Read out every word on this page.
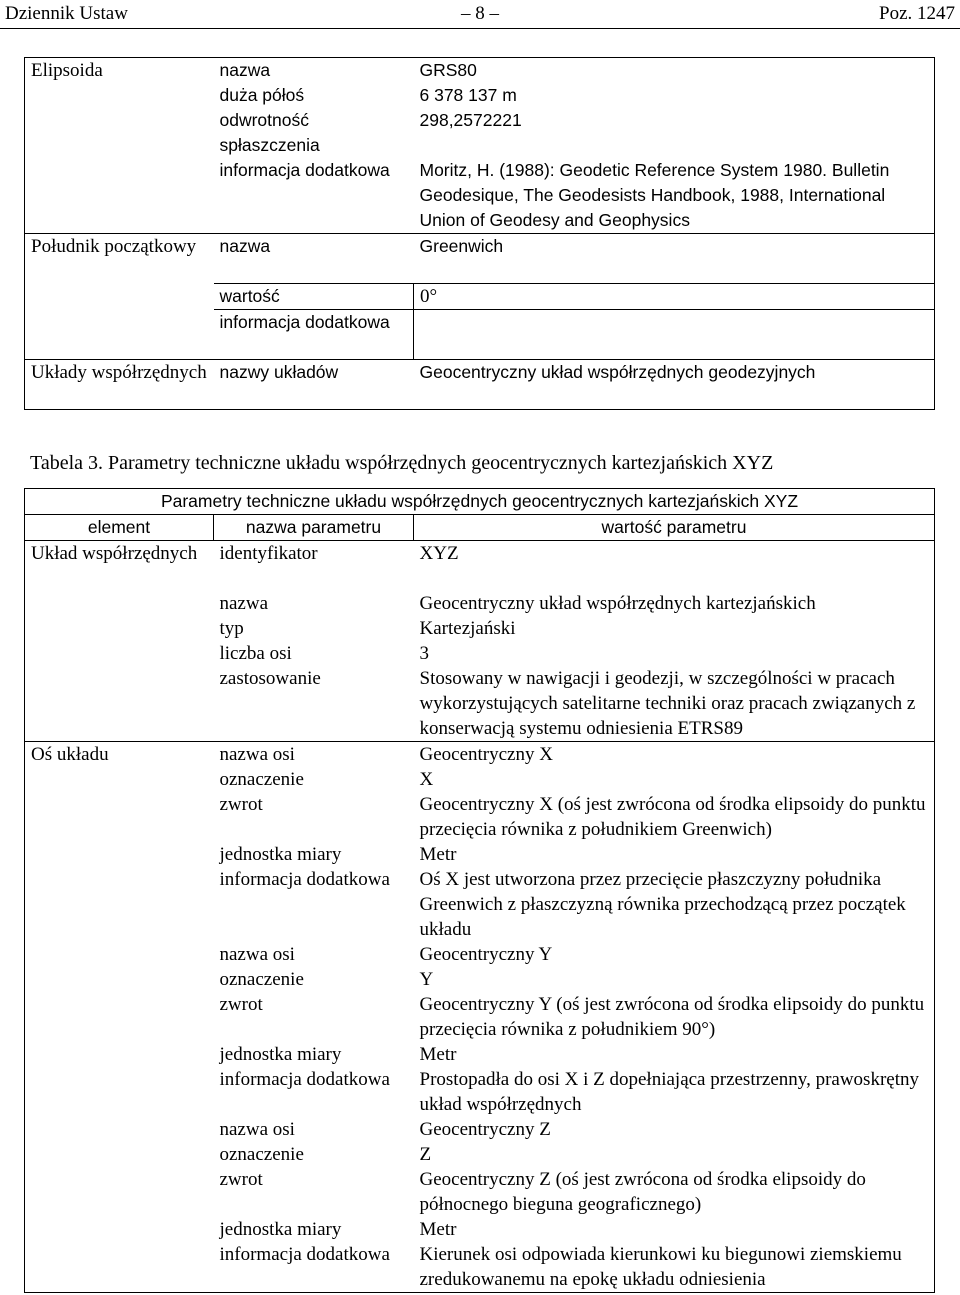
Dziennik Ustaw	– 8 –	Poz. 1247
Elipsoida	nazwa	GRS80
	duża półoś	6 378 137 m
	odwrotność spłaszczenia	298,2572221
	informacja dodatkowa	Moritz, H. (1988): Geodetic Reference System 1980. Bulletin Geodesique, The Geodesists Handbook, 1988, International Union of Geodesy and Geophysics
Południk początkowy	nazwa	Greenwich
	wartość	0°
	informacja dodatkowa	
Układy współrzędnych	nazwy układów	Geocentryczny układ współrzędnych geodezyjnych
Tabela 3. Parametry techniczne układu współrzędnych geocentrycznych kartezjańskich XYZ
Parametry techniczne układu współrzędnych geocentrycznych kartezjańskich XYZ		
element	nazwa parametru	wartość parametru
Układ współrzędnych	identyfikator	XYZ
	nazwa	Geocentryczny układ współrzędnych kartezjańskich
	typ	Kartezjański
	liczba osi	3
	zastosowanie	Stosowany w nawigacji i geodezji, w szczególności w pracach wykorzystujących satelitarne techniki oraz pracach związanych z konserwacją systemu odniesienia ETRS89
Oś układu	nazwa osi	Geocentryczny X
	oznaczenie	X
	zwrot	Geocentryczny X (oś jest zwrócona od środka elipsoidy do punktu przecięcia równika z południkiem Greenwich)
	jednostka miary	Metr
	informacja dodatkowa	Oś X jest utworzona przez przecięcie płaszczyzny południka Greenwich z płaszczyzną równika przechodzącą przez początek układu
	nazwa osi	Geocentryczny Y
	oznaczenie	Y
	zwrot	Geocentryczny Y (oś jest zwrócona od środka elipsoidy do punktu przecięcia równika z południkiem 90°)
	jednostka miary	Metr
	informacja dodatkowa	Prostopadła do osi X i Z dopełniająca przestrzenny, prawoskrętny układ współrzędnych
	nazwa osi	Geocentryczny Z
	oznaczenie	Z
	zwrot	Geocentryczny Z (oś jest zwrócona od środka elipsoidy do północnego bieguna geograficznego)
	jednostka miary	Metr
	informacja dodatkowa	Kierunek osi odpowiada kierunkowi ku biegunowi ziemskiemu zredukowanemu na epokę układu odniesienia
